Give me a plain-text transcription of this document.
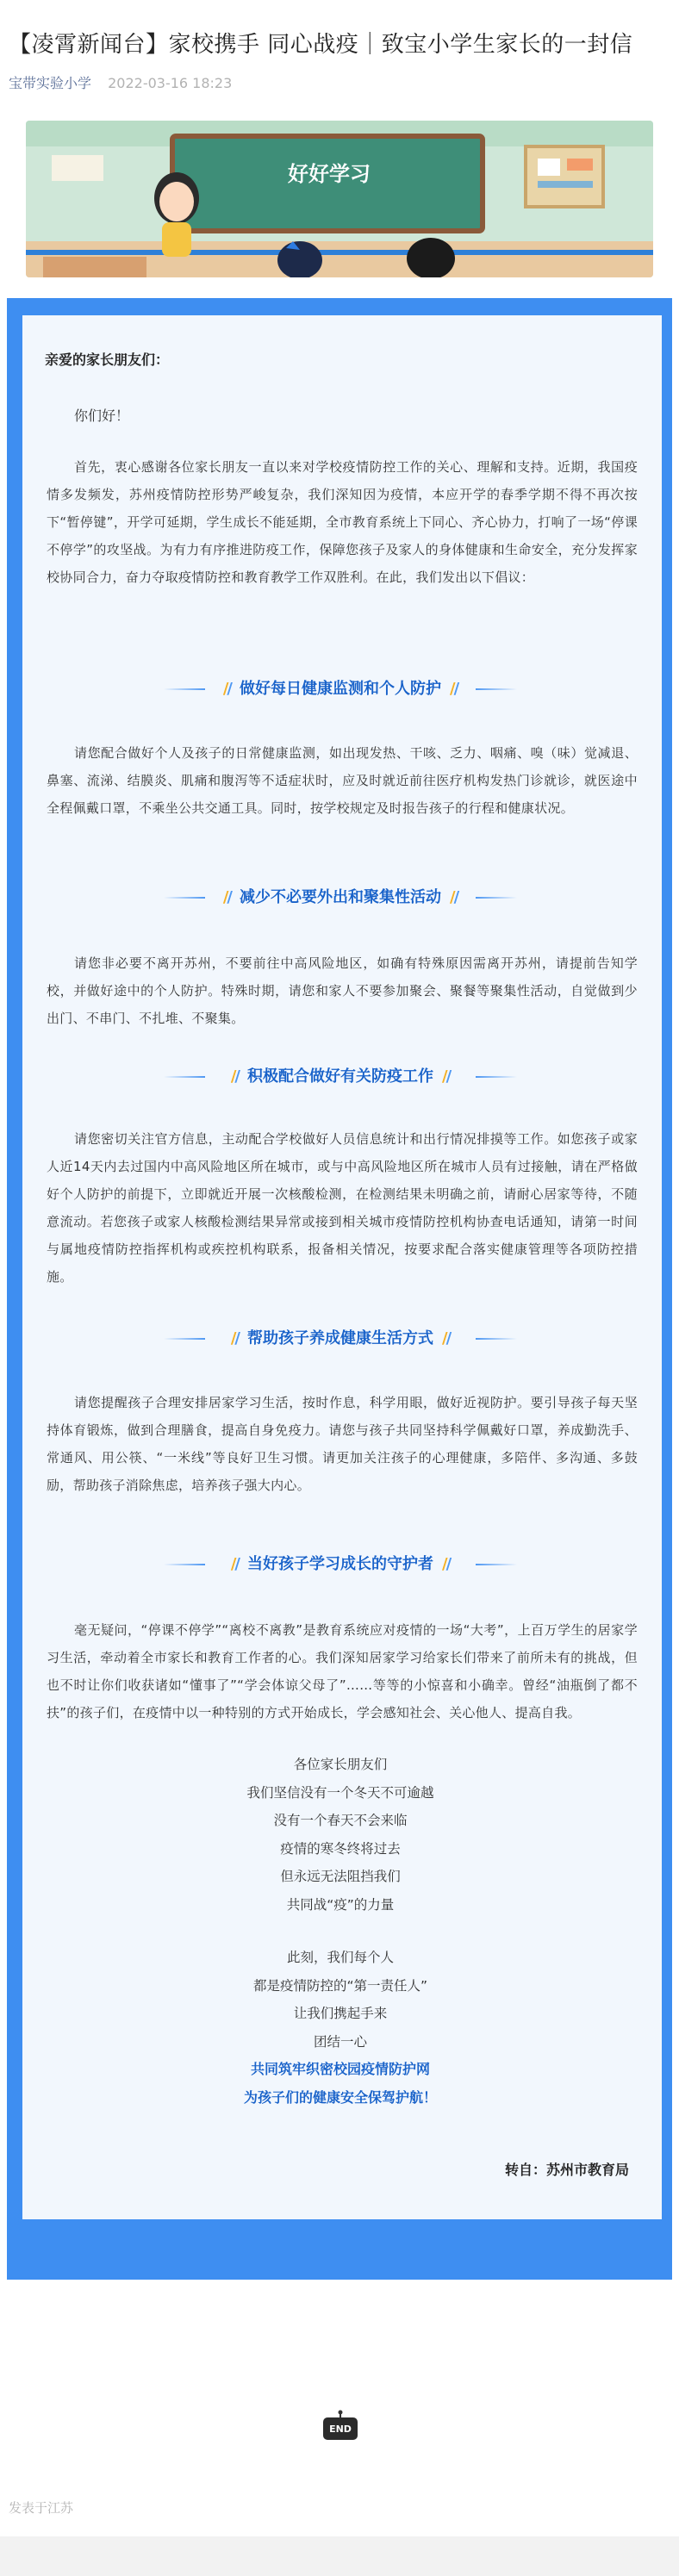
【凌霄新闻台】家校携手 同心战疫｜致宝小学生家长的一封信
宝带实验小学 2022-03-16 18:23
好好学习
亲爱的家长朋友们：
你们好！
首先，衷心感谢各位家长朋友一直以来对学校疫情防控工作的关心、理解和支持。近期，我国疫情多发频发，苏州疫情防控形势严峻复杂，我们深知因为疫情，本应开学的春季学期不得不再次按下“暂停键”，开学可延期，学生成长不能延期，全市教育系统上下同心、齐心协力，打响了一场“停课不停学”的攻坚战。为有力有序推进防疫工作，保障您孩子及家人的身体健康和生命安全，充分发挥家校协同合力，奋力夺取疫情防控和教育教学工作双胜利。在此，我们发出以下倡议：
// 做好每日健康监测和个人防护 //
请您配合做好个人及孩子的日常健康监测，如出现发热、干咳、乏力、咽痛、嗅（味）觉减退、鼻塞、流涕、结膜炎、肌痛和腹泻等不适症状时，应及时就近前往医疗机构发热门诊就诊，就医途中全程佩戴口罩，不乘坐公共交通工具。同时，按学校规定及时报告孩子的行程和健康状况。
// 减少不必要外出和聚集性活动 //
请您非必要不离开苏州，不要前往中高风险地区，如确有特殊原因需离开苏州，请提前告知学校，并做好途中的个人防护。特殊时期，请您和家人不要参加聚会、聚餐等聚集性活动，自觉做到少出门、不串门、不扎堆、不聚集。
// 积极配合做好有关防疫工作 //
请您密切关注官方信息，主动配合学校做好人员信息统计和出行情况排摸等工作。如您孩子或家人近14天内去过国内中高风险地区所在城市，或与中高风险地区所在城市人员有过接触，请在严格做好个人防护的前提下，立即就近开展一次核酸检测，在检测结果未明确之前，请耐心居家等待，不随意流动。若您孩子或家人核酸检测结果异常或接到相关城市疫情防控机构协查电话通知，请第一时间与属地疫情防控指挥机构或疾控机构联系，报备相关情况，按要求配合落实健康管理等各项防控措施。
// 帮助孩子养成健康生活方式 //
请您提醒孩子合理安排居家学习生活，按时作息，科学用眼，做好近视防护。要引导孩子每天坚持体育锻炼，做到合理膳食，提高自身免疫力。请您与孩子共同坚持科学佩戴好口罩，养成勤洗手、常通风、用公筷、“一米线”等良好卫生习惯。请更加关注孩子的心理健康，多陪伴、多沟通、多鼓励，帮助孩子消除焦虑，培养孩子强大内心。
// 当好孩子学习成长的守护者 //
毫无疑问，“停课不停学”“离校不离教”是教育系统应对疫情的一场“大考”，上百万学生的居家学习生活，牵动着全市家长和教育工作者的心。我们深知居家学习给家长们带来了前所未有的挑战，但也不时让你们收获诸如“懂事了”“学会体谅父母了”……等等的小惊喜和小确幸。曾经“油瓶倒了都不扶”的孩子们，在疫情中以一种特别的方式开始成长，学会感知社会、关心他人、提高自我。
各位家长朋友们
我们坚信没有一个冬天不可逾越
没有一个春天不会来临
疫情的寒冬终将过去
但永远无法阻挡我们
共同战“疫”的力量
此刻，我们每个人
都是疫情防控的“第一责任人”
让我们携起手来
团结一心
共同筑牢织密校园疫情防护网
为孩子们的健康安全保驾护航！
转自：苏州市教育局
END
发表于江苏
